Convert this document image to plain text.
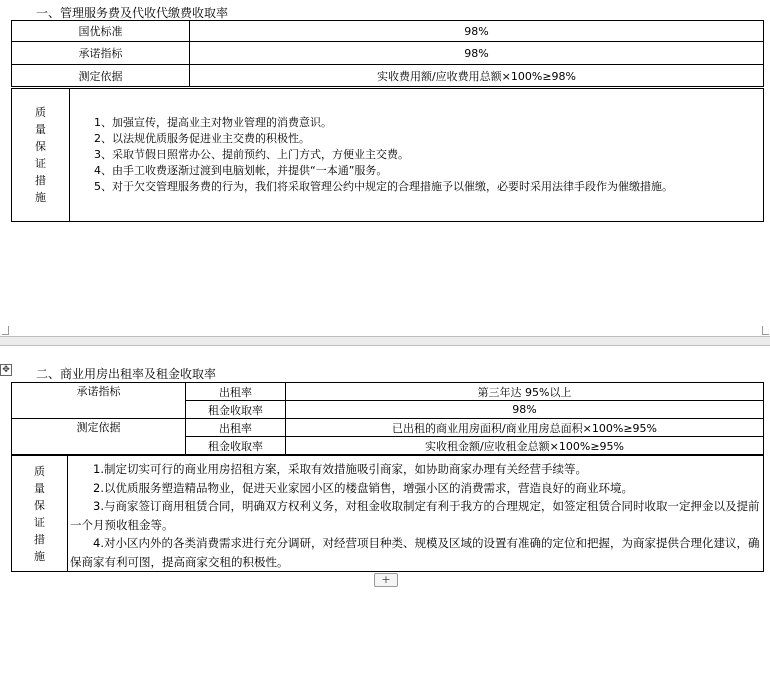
一、管理服务费及代收代缴费收取率
国优标准	98%
承诺指标	98%
测定依据	实收费用额/应收费用总额×100%≥98%
质
量
保
证
措
施

1、加强宣传，提高业主对物业管理的消费意识。

2、以法规优质服务促进业主交费的积极性。

3、采取节假日照常办公、提前预约、上门方式，方便业主交费。

4、由手工收费逐渐过渡到电脑划帐，并提供“一本通”服务。

5、对于欠交管理服务费的行为，我们将采取管理公约中规定的合理措施予以催缴，必要时采用法律手段作为催缴措施。

✥ 二、商业用房出租率及租金收取率
承诺指标	出租率	第三年达 95%以上
	租金收取率	98%
测定依据	出租率	已出租的商业用房面积/商业用房总面积×100%≥95%
	租金收取率	实收租金额/应收租金总额×100%≥95%
质
量
保
证
措
施

1.制定切实可行的商业用房招租方案，采取有效措施吸引商家，如协助商家办理有关经营手续等。

2.以优质服务塑造精品物业，促进天业家园小区的楼盘销售，增强小区的消费需求，营造良好的商业环境。

3.与商家签订商用租赁合同，明确双方权利义务，对租金收取制定有利于我方的合理规定，如签定租赁合同时收取一定押金以及提前一个月预收租金等。

4.对小区内外的各类消费需求进行充分调研，对经营项目种类、规模及区域的设置有准确的定位和把握，为商家提供合理化建议，确保商家有利可图，提高商家交租的积极性。

+
